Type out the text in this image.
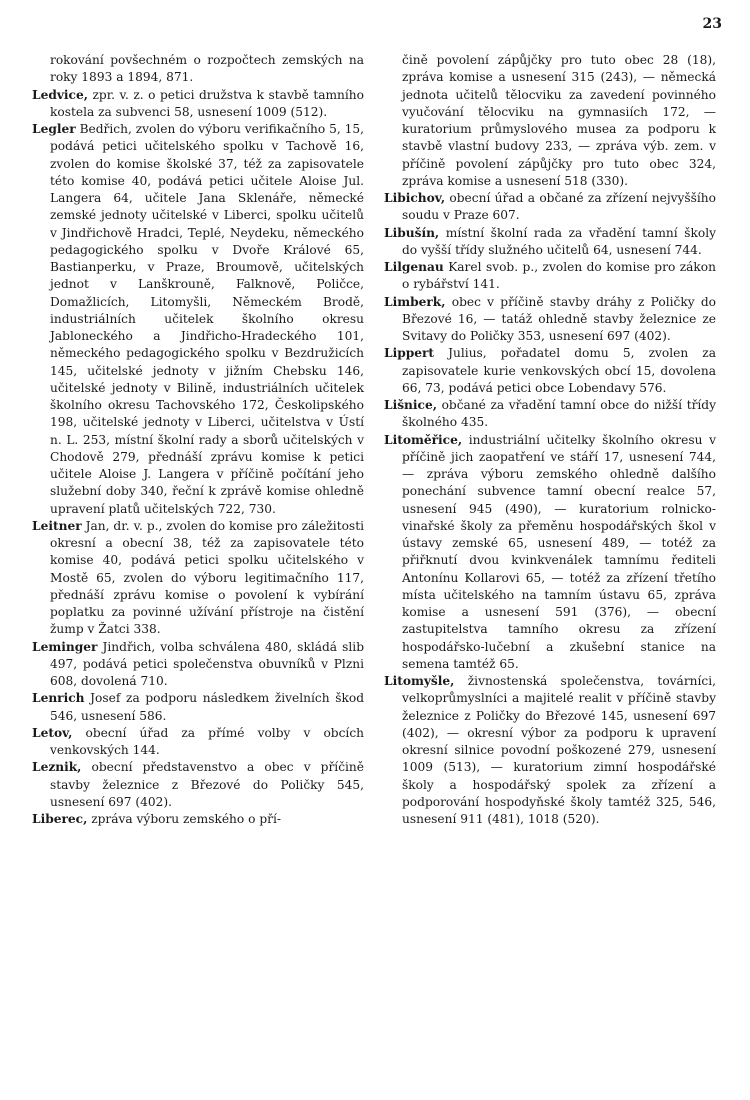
23

rokování povšechném o rozpočtech zemských na roky 1893 a 1894, 871.

Ledvice, zpr. v. z. o petici družstva k stavbě tamního kostela za subvenci 58, usnesení 1009 (512).

Legler Bedřich, zvolen do výboru verifikačního 5, 15, podává petici učitelského spolku v Tachově 16, zvolen do komise školské 37, též za zapisovatele této komise 40, podává petici učitele Aloise Jul. Langera 64, učitele Jana Sklenáře, německé zemské jednoty učitelské v Liberci, spolku učitelů v Jindřichově Hradci, Teplé, Neydeku, německého pedagogického spolku v Dvoře Králové 65, Bastianperku, v Praze, Broumově, učitelských jednot v Lanškrouně, Falknově, Poličce, Domažlicích, Litomyšli, Německém Brodě, industriálních učitelek školního okresu Jabloneckého a Jindřicho-Hradeckého 101, německého pedagogického spolku v Bezdružicích 145, učitelské jednoty v jižním Chebsku 146, učitelské jednoty v Bilině, industriálních učitelek školního okresu Tachovského 172, Českolipského 198, učitelské jednoty v Liberci, učitelstva v Ústí n. L. 253, místní školní rady a sborů učitelských v Chodově 279, přednáší zprávu komise k petici učitele Aloise J. Langera v příčině počítání jeho služební doby 340, řeční k zprávě komise ohledně upravení platů učitelských 722, 730.

Leitner Jan, dr. v. p., zvolen do komise pro záležitosti okresní a obecní 38, též za zapisovatele této komise 40, podává petici spolku učitelského v Mostě 65, zvolen do výboru legitimačního 117, přednáší zprávu komise o povolení k vybírání poplatku za povinné užívání přístroje na čistění žump v Žatci 338.

Leminger Jindřich, volba schválena 480, skládá slib 497, podává petici společenstva obuvníků v Plzni 608, dovolená 710.

Lenrich Josef za podporu následkem živelních škod 546, usnesení 586.

Letov, obecní úřad za přímé volby v obcích venkovských 144.

Leznik, obecní představenstvo a obec v příčině stavby železnice z Březové do Poličky 545, usnesení 697 (402).

Liberec, zpráva výboru zemského o pří-

čině povolení zápůjčky pro tuto obec 28 (18), zpráva komise a usnesení 315 (243), — německá jednota učitelů tělocviku za zavedení povinného vyučování tělocviku na gymnasiích 172, — kuratorium průmyslového musea za podporu k stavbě vlastní budovy 233, — zpráva výb. zem. v příčině povolení zápůjčky pro tuto obec 324, zpráva komise a usnesení 518 (330).

Libichov, obecní úřad a občané za zřízení nejvyššího soudu v Praze 607.

Libušín, místní školní rada za vřadění tamní školy do vyšší třídy služného učitelů 64, usnesení 744.

Lilgenau Karel svob. p., zvolen do komise pro zákon o rybářství 141.

Limberk, obec v příčině stavby dráhy z Poličky do Březové 16, — tatáž ohledně stavby železnice ze Svitavy do Poličky 353, usnesení 697 (402).

Lippert Julius, pořadatel domu 5, zvolen za zapisovatele kurie venkovských obcí 15, dovolena 66, 73, podává petici obce Lobendavy 576.

Lišnice, občané za vřadění tamní obce do nižší třídy školného 435.

Litoměřice, industriální učitelky školního okresu v příčině jich zaopatření ve stáří 17, usnesení 744, — zpráva výboru zemského ohledně dalšího ponechání subvence tamní obecní realce 57, usnesení 945 (490), — kuratorium rolnicko-vinařské školy za přeměnu hospodářských škol v ústavy zemské 65, usnesení 489, — totéž za přiřknutí dvou kvinkvenálek tamnímu řediteli Antonínu Kollarovi 65, — totéž za zřízení třetího místa učitelského na tamním ústavu 65, zpráva komise a usnesení 591 (376), — obecní zastupitelstva tamního okresu za zřízení hospodářsko-lučební a zkušební stanice na semena tamtéž 65.

Litomyšle, živnostenská společenstva, továrníci, velkoprůmyslníci a majitelé realit v příčině stavby železnice z Poličky do Březové 145, usnesení 697 (402), — okresní výbor za podporu k upravení okresní silnice povodní poškozené 279, usnesení 1009 (513), — kuratorium zimní hospodářské školy a hospodářský spolek za zřízení a podporování hospodyňské školy tamtéž 325, 546, usnesení 911 (481), 1018 (520).
